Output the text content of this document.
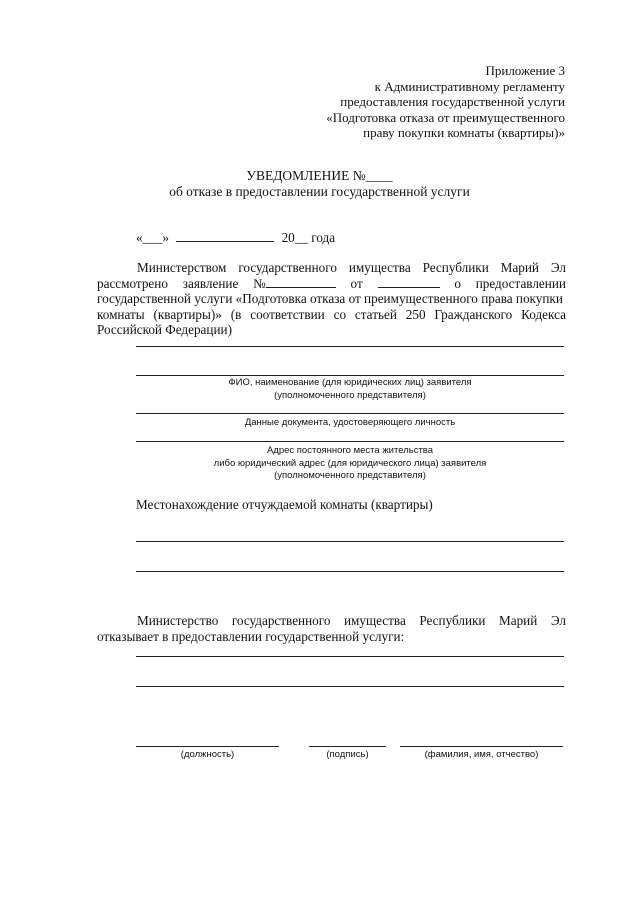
Приложение 3
к Административному регламенту
предоставления государственной услуги
«Подготовка отказа от преимущественного
праву покупки комнаты (квартиры)»
УВЕДОМЛЕНИЕ №____
об отказе в предоставлении государственной услуги
«___»	20__ года
Министерством государственного имущества Республики Марий Эл
рассмотрено заявление №	от	о предоставлении
государственной услуги «Подготовка отказа от преимущественного права покупки
комнаты (квартиры)» (в соответствии со статьей 250 Гражданского Кодекса
Российской Федерации)
ФИО, наименование (для юридических лиц) заявителя
(уполномоченного представителя)
Данные документа, удостоверяющего личность
Адрес постоянного места жительства
либо юридический адрес (для юридического лица) заявителя
(уполномоченного представителя)
Местонахождение отчуждаемой комнаты (квартиры)
Министерство государственного имущества Республики Марий Эл
отказывает в предоставлении государственной услуги:
(должность)	(подпись)	(фамилия, имя, отчество)
